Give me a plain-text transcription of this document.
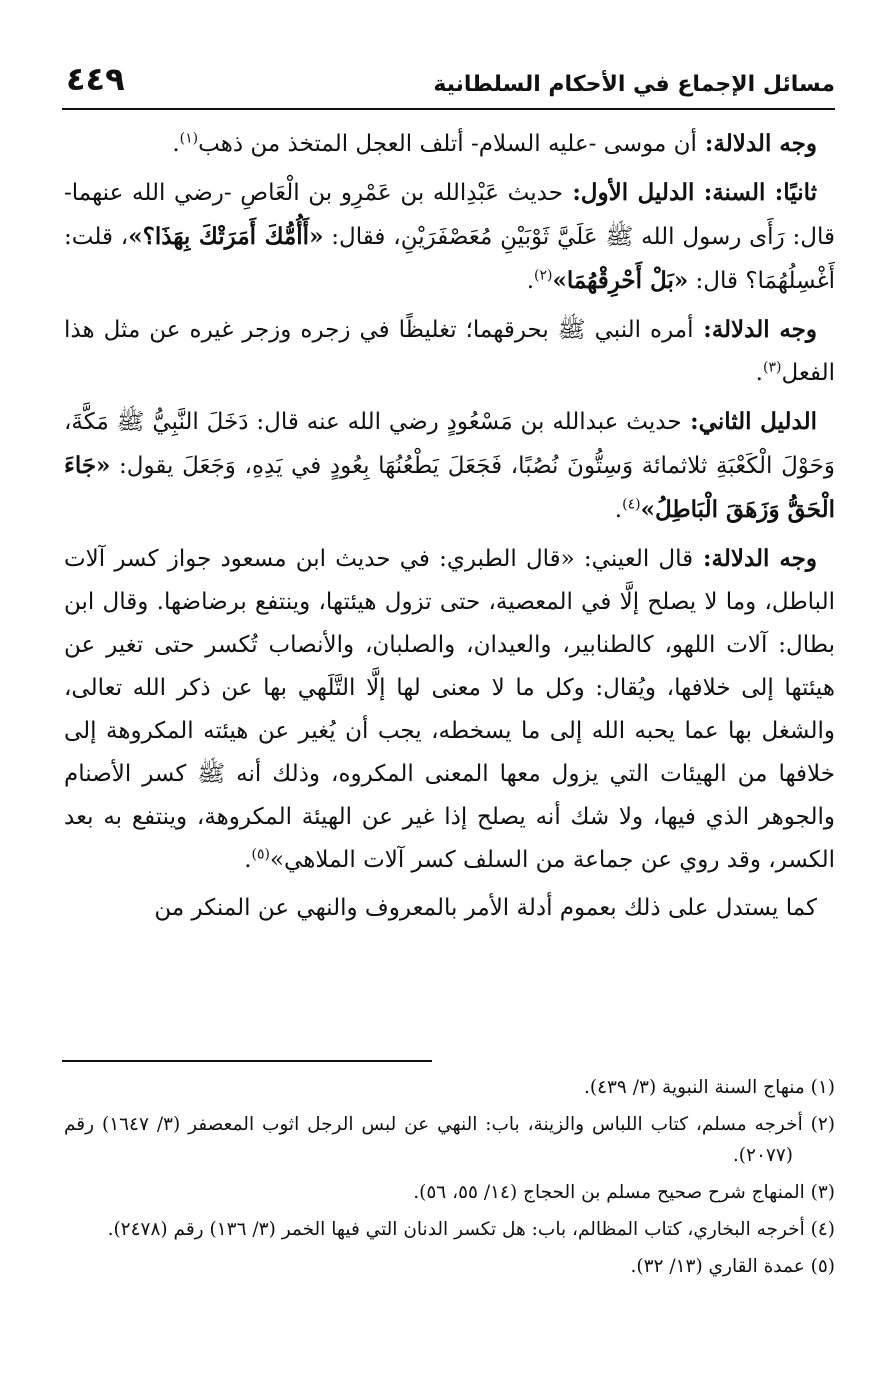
مسائل الإجماع في الأحكام السلطانية
٤٤٩

وجه الدلالة: أن موسى -عليه السلام- أتلف العجل المتخذ من ذهب$^{(١)}$.

ثانيًا: السنة: الدليل الأول: حديث عَبْدِالله بن عَمْرِو بن الْعَاصِ -رضي الله عنهما- قال: رَأَى رسول الله ﷺ عَلَيَّ ثَوْبَيْنِ مُعَصْفَرَيْنِ، فقال: «أَأُمُّكَ أَمَرَتْكَ بِهَذَا؟»، قلت: أَغْسِلُهُمَا؟ قال: «بَلْ أَحْرِقْهُمَا»$^{(٢)}$.

وجه الدلالة: أمره النبي ﷺ بحرقهما؛ تغليظًا في زجره وزجر غيره عن مثل هذا الفعل$^{(٣)}$.

الدليل الثاني: حديث عبدالله بن مَسْعُودٍ رضي الله عنه قال: دَخَلَ النَّبِيُّ ﷺ مَكَّةَ، وَحَوْلَ الْكَعْبَةِ ثلاثمائة وَسِتُّونَ نُصُبًا، فَجَعَلَ يَطْعُنُهَا بِعُودٍ في يَدِهِ، وَجَعَلَ يقول: «جَاءَ الْحَقُّ وَزَهَقَ الْبَاطِلُ»$^{(٤)}$.

وجه الدلالة: قال العيني: «قال الطبري: في حديث ابن مسعود جواز كسر آلات الباطل، وما لا يصلح إلَّا في المعصية، حتى تزول هيئتها، وينتفع برضاضها. وقال ابن بطال: آلات اللهو، كالطنابير، والعيدان، والصلبان، والأنصاب تُكسر حتى تغير عن هيئتها إلى خلافها، ويُقال: وكل ما لا معنى لها إلَّا التَّلَهي بها عن ذكر الله تعالى، والشغل بها عما يحبه الله إلى ما يسخطه، يجب أن يُغير عن هيئته المكروهة إلى خلافها من الهيئات التي يزول معها المعنى المكروه، وذلك أنه ﷺ كسر الأصنام والجوهر الذي فيها، ولا شك أنه يصلح إذا غير عن الهيئة المكروهة، وينتفع به بعد الكسر، وقد روي عن جماعة من السلف كسر آلات الملاهي»$^{(٥)}$.

كما يستدل على ذلك بعموم أدلة الأمر بالمعروف والنهي عن المنكر من

(١) منهاج السنة النبوية (٣/ ٤٣٩).

(٢) أخرجه مسلم، كتاب اللباس والزينة، باب: النهي عن لبس الرجل اثوب المعصفر (٣/ ١٦٤٧) رقم (٢٠٧٧).

(٣) المنهاج شرح صحيح مسلم بن الحجاج (١٤/ ٥٥، ٥٦).

(٤) أخرجه البخاري، كتاب المظالم، باب: هل تكسر الدنان التي فيها الخمر (٣/ ١٣٦) رقم (٢٤٧٨).

(٥) عمدة القاري (١٣/ ٣٢).
